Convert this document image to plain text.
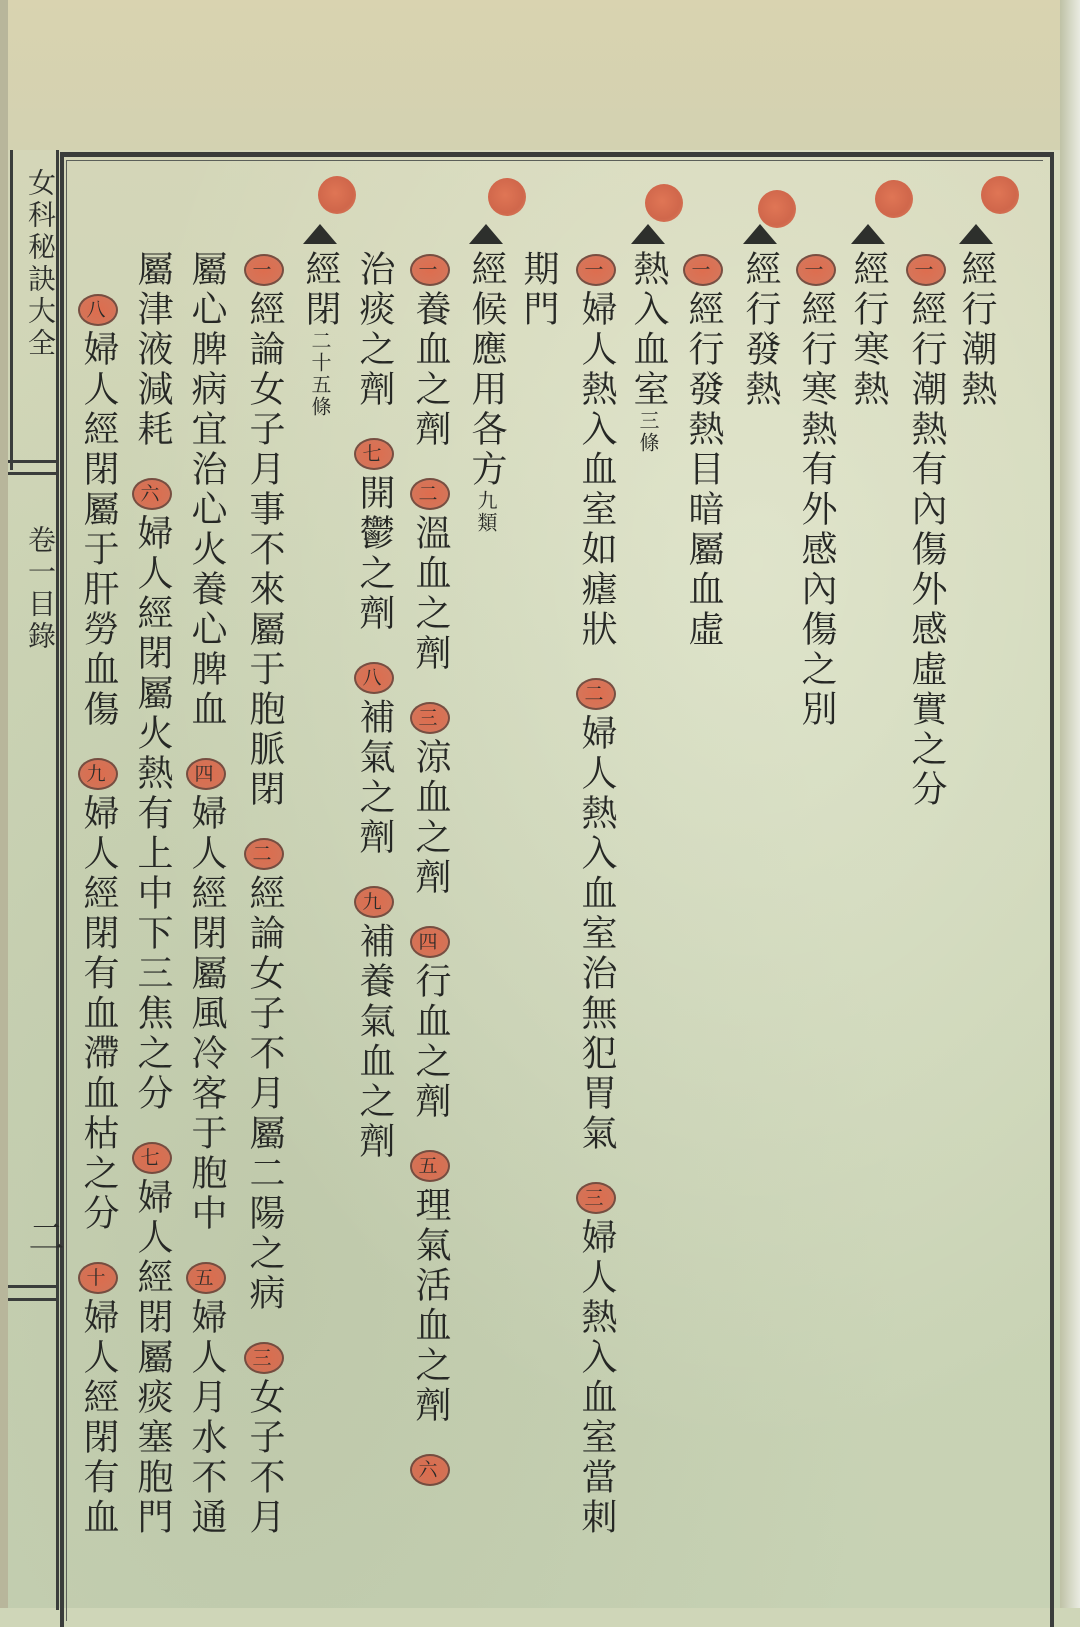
女科秘訣大全
卷一目錄
二
經行潮熱
一經行潮熱有內傷外感虛實之分
經行寒熱
一經行寒熱有外感內傷之別
經行發熱
一經行發熱目暗屬血虛
熱入血室三條
一婦人熱入血室如瘧狀二婦人熱入血室治無犯胃氣三婦人熱入血室當刺
期門
經候應用各方九類
一養血之劑二溫血之劑三涼血之劑四行血之劑五理氣活血之劑六
治痰之劑七開鬱之劑八補氣之劑九補養氣血之劑
經閉二十五條
一經論女子月事不來屬于胞脈閉二經論女子不月屬二陽之病三女子不月
屬心脾病宜治心火養心脾血四婦人經閉屬風冷客于胞中五婦人月水不通
屬津液減耗六婦人經閉屬火熱有上中下三焦之分七婦人經閉屬痰塞胞門
八婦人經閉屬于肝勞血傷九婦人經閉有血滯血枯之分十婦人經閉有血
